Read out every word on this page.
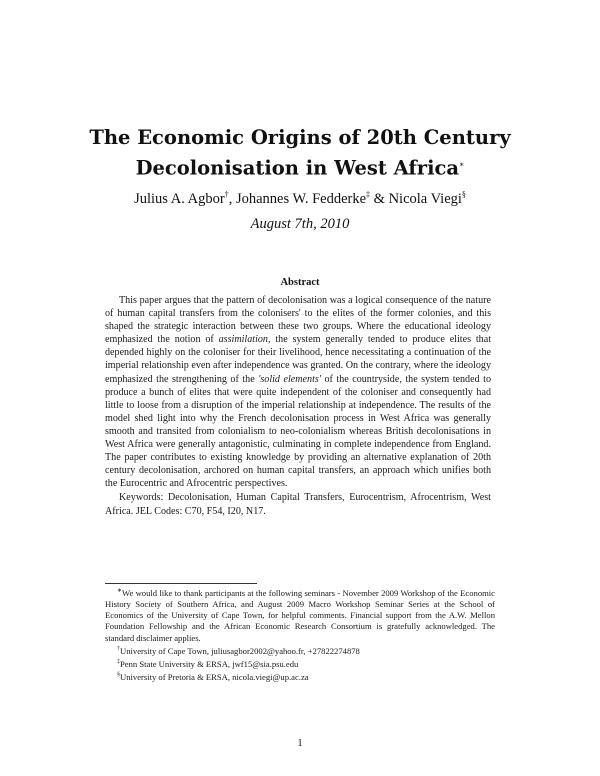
The Economic Origins of 20th Century
Decolonisation in West Africa∗
Julius A. Agbor†, Johannes W. Fedderke‡ & Nicola Viegi§
August 7th, 2010
Abstract

This paper argues that the pattern of decolonisation was a logical consequence of the nature of human capital transfers from the colonisers' to the elites of the former colonies, and this shaped the strategic interaction between these two groups. Where the educational ideology emphasized the notion of assimilation, the system generally tended to produce elites that depended highly on the coloniser for their livelihood, hence necessitating a continuation of the imperial relationship even after independence was granted. On the contrary, where the ideology emphasized the strengthening of the 'solid elements' of the countryside, the system tended to produce a bunch of elites that were quite independent of the coloniser and consequently had little to loose from a disruption of the imperial relationship at independence. The results of the model shed light into why the French decolonisation process in West Africa was generally smooth and transited from colonialism to neo-colonialism whereas British decolonisations in West Africa were generally antagonistic, culminating in complete independence from England. The paper contributes to existing knowledge by providing an alternative explanation of 20th century decolonisation, archored on human capital transfers, an approach which unifies both the Eurocentric and Afrocentric perspectives.

Keywords: Decolonisation, Human Capital Transfers, Eurocentrism, Afrocentrism, West Africa. JEL Codes: C70, F54, I20, N17.

∗We would like to thank participants at the following seminars - November 2009 Workshop of the Economic History Society of Southern Africa, and August 2009 Macro Workshop Seminar Series at the School of Economics of the University of Cape Town, for helpful comments. Financial support from the A.W. Mellon Foundation Fellowship and the African Economic Research Consortium is gratefully acknowledged. The standard disclaimer applies.

†University of Cape Town, juliusagbor2002@yahoo.fr, +27822274878

‡Penn State University & ERSA, jwf15@sia.psu.edu

§University of Pretoria & ERSA, nicola.viegi@up.ac.za

1
